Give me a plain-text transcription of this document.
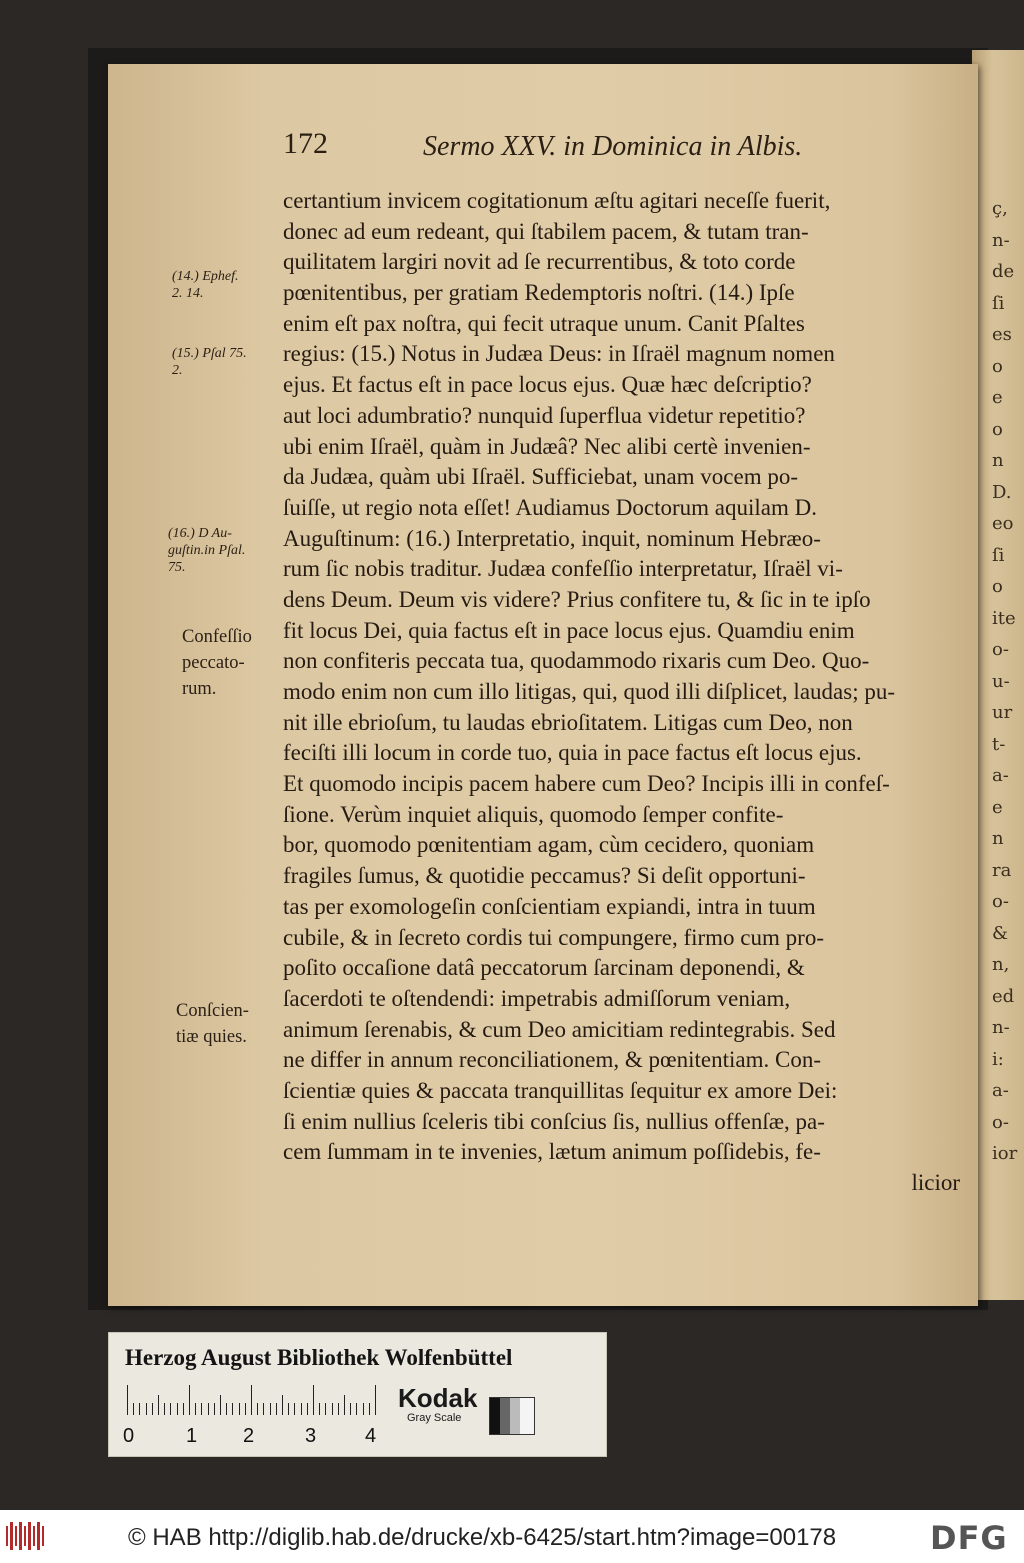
ç,
n-
de
ſi
es
o
e
o
n
D.
eo
ſi
o
ite
o-
u-
ur
t-
a-
e
n
ra
o-
&
n,
ed
n-
i:
a-
o-
ior
172	Sermo XXV. in Dominica in Albis.
certantium invicem cogitationum æſtu agitari neceſſe fuerit,
donec ad eum redeant, qui ſtabilem pacem, & tutam tran-
quilitatem largiri novit ad ſe recurrentibus, & toto corde
pœnitentibus, per gratiam Redemptoris noſtri. (14.) Ipſe
enim eſt pax noſtra, qui fecit utraque unum. Canit Pſaltes
regius: (15.) Notus in Judæa Deus: in Iſraël magnum nomen
ejus. Et factus eſt in pace locus ejus. Quæ hæc deſcriptio?
aut loci adumbratio? nunquid ſuperflua videtur repetitio?
ubi enim Iſraël, quàm in Judæâ? Nec alibi certè invenien-
da Judæa, quàm ubi Iſraël. Sufficiebat, unam vocem po-
ſuiſſe, ut regio nota eſſet! Audiamus Doctorum aquilam D.
Auguſtinum: (16.) Interpretatio, inquit, nominum Hebræo-
rum ſic nobis traditur. Judæa confeſſio interpretatur, Iſraël vi-
dens Deum. Deum vis videre? Prius confitere tu, & ſic in te ipſo
fit locus Dei, quia factus eſt in pace locus ejus. Quamdiu enim
non confiteris peccata tua, quodammodo rixaris cum Deo. Quo-
modo enim non cum illo litigas, qui, quod illi diſplicet, laudas; pu-
nit ille ebrioſum, tu laudas ebrioſitatem. Litigas cum Deo, non
feciſti illi locum in corde tuo, quia in pace factus eſt locus ejus.
Et quomodo incipis pacem habere cum Deo? Incipis illi in confeſ-
ſione. Verùm inquiet aliquis, quomodo ſemper confite-
bor, quomodo pœnitentiam agam, cùm cecidero, quoniam
fragiles ſumus, & quotidie peccamus? Si deſit opportuni-
tas per exomologeſin conſcientiam expiandi, intra in tuum
cubile, & in ſecreto cordis tui compungere, firmo cum pro-
poſito occaſione datâ peccatorum ſarcinam deponendi, &
ſacerdoti te oſtendendi: impetrabis admiſſorum veniam,
animum ſerenabis, & cum Deo amicitiam redintegrabis. Sed
ne differ in annum reconciliationem, & pœnitentiam. Con-
ſcientiæ quies & paccata tranquillitas ſequitur ex amore Dei:
ſi enim nullius ſceleris tibi conſcius ſis, nullius offenſæ, pa-
cem ſummam in te invenies, lætum animum poſſidebis, fe-
licior
(14.) Ephef.
2. 14.
(15.) Pſal 75.
2.
(16.) D Au-
guſtin.in Pſal.
75.
Confeſſio
peccato-
rum.
Conſcien-
tiæ quies.
Herzog August Bibliothek Wolfenbüttel
0	1 2	3 4
Kodak
Gray Scale
© HAB http://diglib.hab.de/drucke/xb-6425/start.htm?image=00178	DFG
